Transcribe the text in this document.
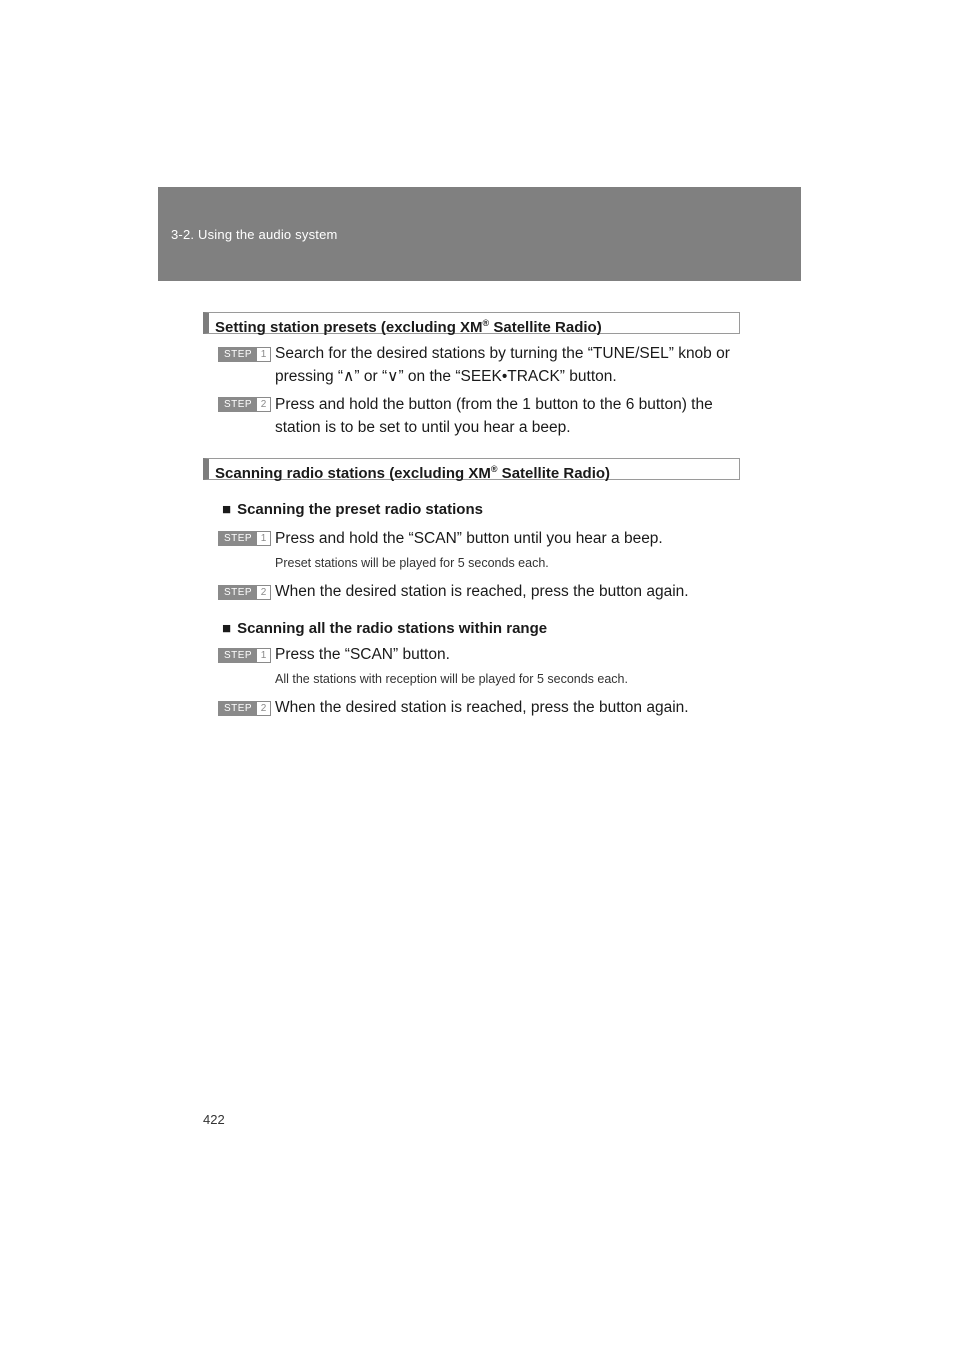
3-2. Using the audio system
Setting station presets (excluding XM® Satellite Radio)
STEP 1 Search for the desired stations by turning the “TUNE/SEL” knob or pressing “∧” or “∨” on the “SEEK•TRACK” button.
STEP 2 Press and hold the button (from the 1 button to the 6 button) the station is to be set to until you hear a beep.
Scanning radio stations (excluding XM® Satellite Radio)
■ Scanning the preset radio stations
STEP 1 Press and hold the “SCAN” button until you hear a beep.
Preset stations will be played for 5 seconds each.
STEP 2 When the desired station is reached, press the button again.
■ Scanning all the radio stations within range
STEP 1 Press the “SCAN” button.
All the stations with reception will be played for 5 seconds each.
STEP 2 When the desired station is reached, press the button again.
422
